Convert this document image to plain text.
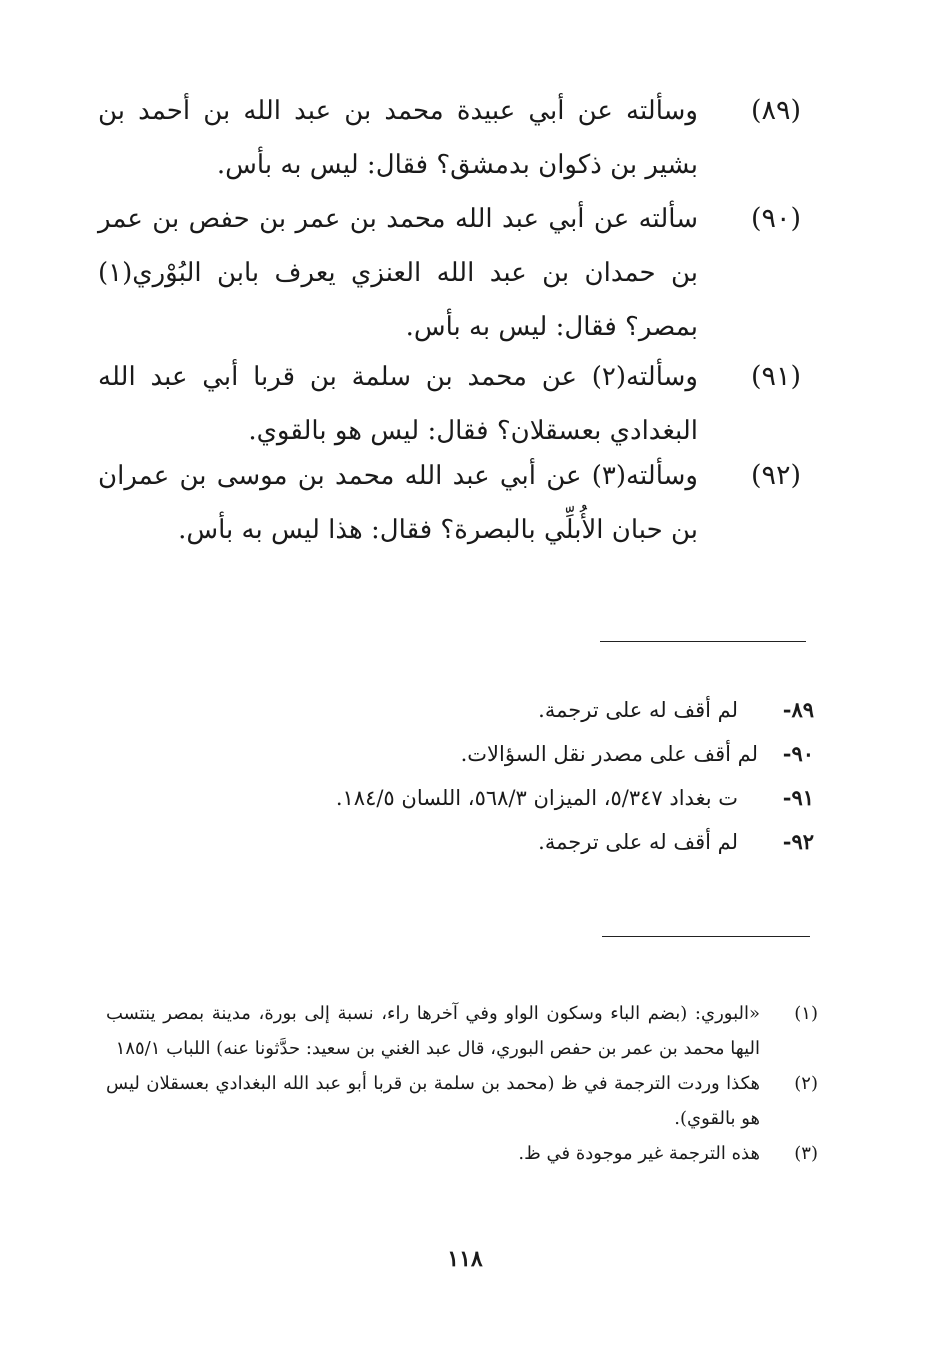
(٨٩)
وسألته عن أبي عبيدة محمد بن عبد الله بن أحمد بن بشير بن ذكوان بدمشق؟ فقال: ليس به بأس.
(٩٠)
سألته عن أبي عبد الله محمد بن عمر بن حفص بن عمر بن حمدان بن عبد الله العنزي يعرف بابن البُوْري(١) بمصر؟ فقال: ليس به بأس.
(٩١)
وسألته(٢) عن محمد بن سلمة بن قربا أبي عبد الله البغدادي بعسقلان؟ فقال: ليس هو بالقوي.
(٩٢)
وسألته(٣) عن أبي عبد الله محمد بن موسى بن عمران بن حبان الأُبلِّي بالبصرة؟ فقال: هذا ليس به بأس.
٨٩-
لم أقف له على ترجمة.
٩٠-
لم أقف على مصدر نقل السؤالات.
٩١-
ت بغداد ٥/٣٤٧، الميزان ٥٦٨/٣، اللسان ١٨٤/٥.
٩٢-
لم أقف له على ترجمة.
(١)
«البوري: (بضم الباء وسكون الواو وفي آخرها راء، نسبة إلى بورة، مدينة بمصر ينتسب اليها محمد بن عمر بن حفص البوري، قال عبد الغني بن سعيد: حدَّثونا عنه) اللباب ١٨٥/١
(٢)
هكذا وردت الترجمة في ظ (محمد بن سلمة بن قربا أبو عبد الله البغدادي بعسقلان ليس هو بالقوي).
(٣)
هذه الترجمة غير موجودة في ظ.
١١٨
